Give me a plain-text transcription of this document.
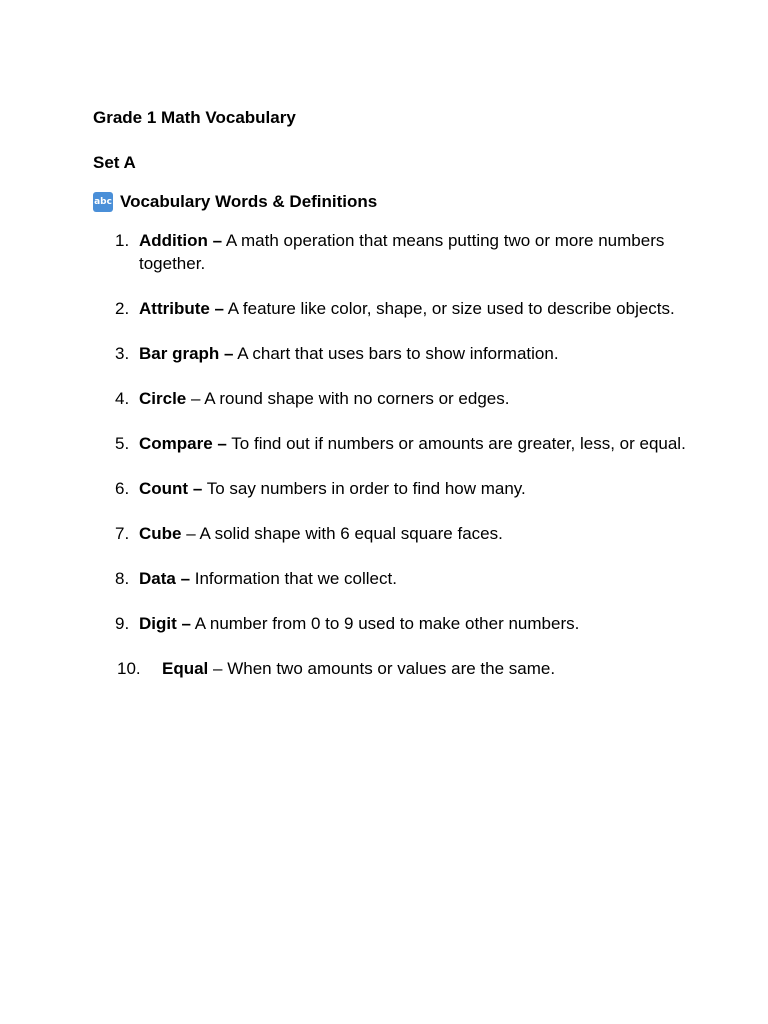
Grade 1 Math Vocabulary
Set A
abc Vocabulary Words & Definitions
1. Addition – A math operation that means putting two or more numbers together.
2. Attribute – A feature like color, shape, or size used to describe objects.
3. Bar graph – A chart that uses bars to show information.
4. Circle – A round shape with no corners or edges.
5. Compare – To find out if numbers or amounts are greater, less, or equal.
6. Count – To say numbers in order to find how many.
7. Cube – A solid shape with 6 equal square faces.
8. Data – Information that we collect.
9. Digit – A number from 0 to 9 used to make other numbers.
10. Equal – When two amounts or values are the same.
